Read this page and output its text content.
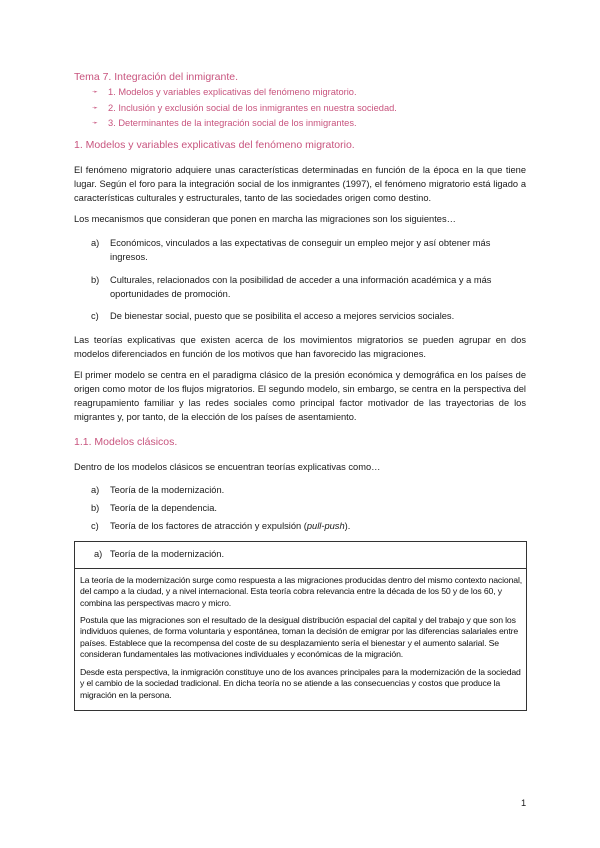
Tema 7. Integración del inmigrante.
➛ 1. Modelos y variables explicativas del fenómeno migratorio.
➛ 2. Inclusión y exclusión social de los inmigrantes en nuestra sociedad.
➛ 3. Determinantes de la integración social de los inmigrantes.
1. Modelos y variables explicativas del fenómeno migratorio.

El fenómeno migratorio adquiere unas características determinadas en función de la época en la que tiene lugar. Según el foro para la integración social de los inmigrantes (1997), el fenómeno migratorio está ligado a características culturales y estructurales, tanto de las sociedades origen como destino.

Los mecanismos que consideran que ponen en marcha las migraciones son los siguientes…

a)	Económicos, vinculados a las expectativas de conseguir un empleo mejor y así obtener más ingresos.
b)	Culturales, relacionados con la posibilidad de acceder a una información académica y a más oportunidades de promoción.
c)	De bienestar social, puesto que se posibilita el acceso a mejores servicios sociales.

Las teorías explicativas que existen acerca de los movimientos migratorios se pueden agrupar en dos modelos diferenciados en función de los motivos que han favorecido las migraciones.

El primer modelo se centra en el paradigma clásico de la presión económica y demográfica en los países de origen como motor de los flujos migratorios. El segundo modelo, sin embargo, se centra en la perspectiva del reagrupamiento familiar y las redes sociales como principal factor motivador de las trayectorias de los migrantes y, por tanto, de la elección de los países de asentamiento.

1.1. Modelos clásicos.

Dentro de los modelos clásicos se encuentran teorías explicativas como…

a)	Teoría de la modernización.
b)	Teoría de la dependencia.
c)	Teoría de los factores de atracción y expulsión (pull-push).
a)   Teoría de la modernización.

La teoría de la modernización surge como respuesta a las migraciones producidas dentro del mismo contexto nacional, del campo a la ciudad, y a nivel internacional. Esta teoría cobra relevancia entre la década de los 50 y de los 60, y combina las perspectivas macro y micro.

Postula que las migraciones son el resultado de la desigual distribución espacial del capital y del trabajo y que son los individuos quienes, de forma voluntaria y espontánea, toman la decisión de emigrar por las diferencias salariales entre países. Establece que la recompensa del coste de su desplazamiento sería el bienestar y el aumento salarial. Se consideran fundamentales las motivaciones individuales y económicas de la migración.

Desde esta perspectiva, la inmigración constituye uno de los avances principales para la modernización de la sociedad y el cambio de la sociedad tradicional. En dicha teoría no se atiende a las consecuencias y costos que produce la migración en la persona.

1
